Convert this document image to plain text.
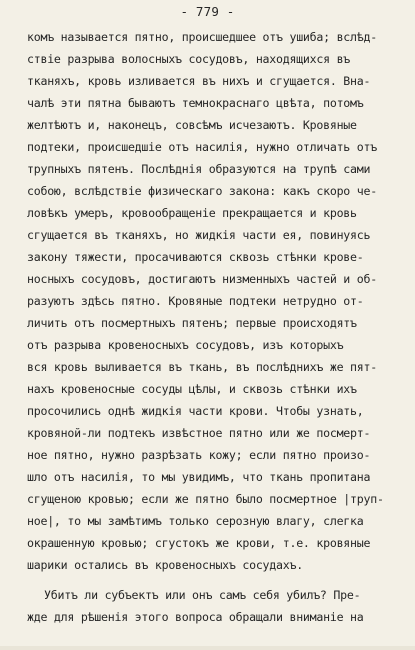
- 779 -
комъ называется пятно, происшедшее отъ ушиба; вслѣд-
ствіе разрыва волосныхъ сосудовъ, находящихся въ
тканяхъ, кровь изливается въ нихъ и сгущается. Вна-
чалѣ эти пятна бываютъ темнокраснаго цвѣта, потомъ
желтѣютъ и, наконецъ, совсѣмъ исчезаютъ. Кровяные
подтеки, происшедшіе отъ насилія, нужно отличать отъ
трупныхъ пятенъ. Послѣднія образуются на трупѣ сами
собою, вслѣдствіе физическаго закона: какъ скоро че-
ловѣкъ умеръ, кровообращеніе прекращается и кровь
сгущается въ тканяхъ, но жидкія части ея, повинуясь
закону тяжести, просачиваются сквозь стѣнки крове-
носныхъ сосудовъ, достигаютъ низменныхъ частей и об-
разуютъ здѣсь пятно. Кровяные подтеки нетрудно от-
личить отъ посмертныхъ пятенъ; первые происходятъ
отъ разрыва кровеносныхъ сосудовъ, изъ которыхъ
вся кровь выливается въ ткань, въ послѣднихъ же пят-
нахъ кровеносные сосуды цѣлы, и сквозь стѣнки ихъ
просочились однѣ жидкія части крови. Чтобы узнать,
кровяной-ли подтекъ извѣстное пятно или же посмерт-
ное пятно, нужно разрѣзать кожу; если пятно произо-
шло отъ насилія, то мы увидимъ, что ткань пропитана
сгущеною кровью; если же пятно было посмертное |труп-
ное|, то мы замѣтимъ только серозную влагу, слегка
окрашенную кровью; сгустокъ же крови, т.е. кровяные
шарики остались въ кровеносныхъ сосудахъ.
Убитъ ли субъектъ или онъ самъ себя убилъ? Пре-
жде для рѣшенія этого вопроса обращали вниманіе на
